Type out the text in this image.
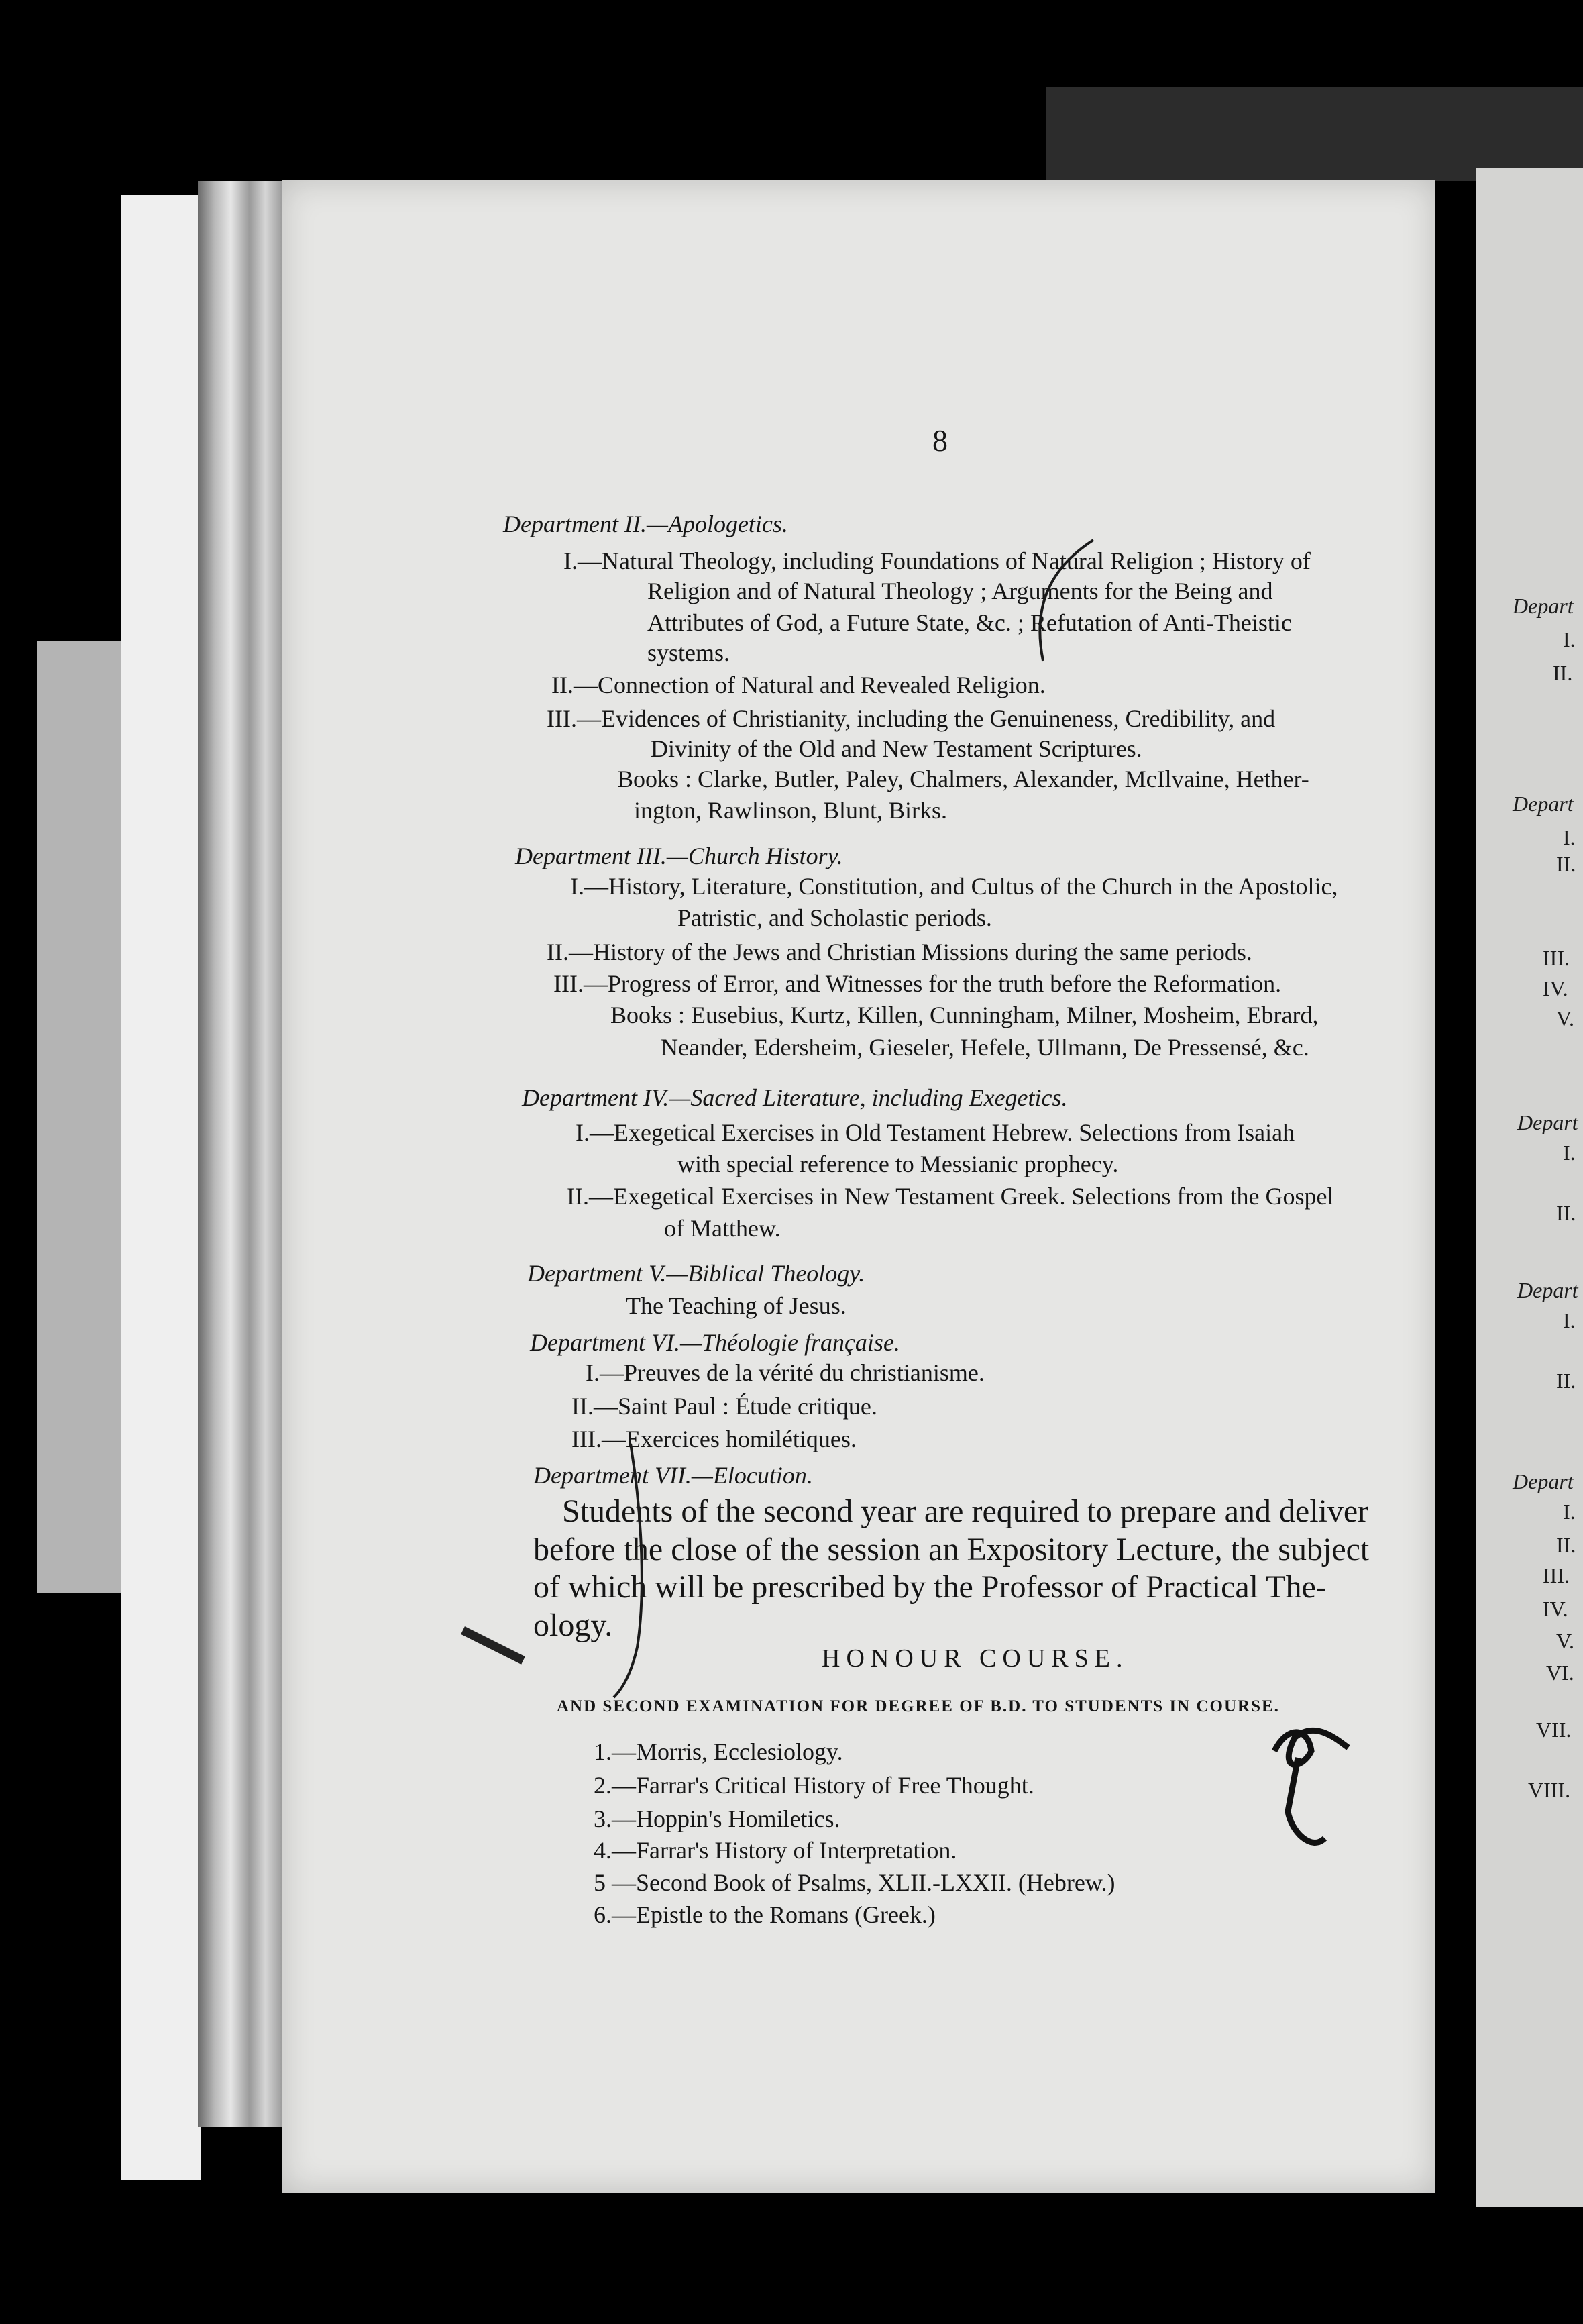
8
Department II.—Apologetics.
I.—Natural Theology, including Foundations of Natural Religion ; History of
Religion and of Natural Theology ; Arguments for the Being and
Attributes of God, a Future State, &c. ; Refutation of Anti-Theistic
systems.
II.—Connection of Natural and Revealed Religion.
III.—Evidences of Christianity, including the Genuineness, Credibility, and
Divinity of the Old and New Testament Scriptures.
Books : Clarke, Butler, Paley, Chalmers, Alexander, McIlvaine, Hether-
ington, Rawlinson, Blunt, Birks.
Department III.—Church History.
I.—History, Literature, Constitution, and Cultus of the Church in the Apostolic,
Patristic, and Scholastic periods.
II.—History of the Jews and Christian Missions during the same periods.
III.—Progress of Error, and Witnesses for the truth before the Reformation.
Books : Eusebius, Kurtz, Killen, Cunningham, Milner, Mosheim, Ebrard,
Neander, Edersheim, Gieseler, Hefele, Ullmann, De Pressensé, &c.
Department IV.—Sacred Literature, including Exegetics.
I.—Exegetical Exercises in Old Testament Hebrew. Selections from Isaiah
with special reference to Messianic prophecy.
II.—Exegetical Exercises in New Testament Greek. Selections from the Gospel
of Matthew.
Department V.—Biblical Theology.
The Teaching of Jesus.
Department VI.—Théologie française.
I.—Preuves de la vérité du christianisme.
II.—Saint Paul : Étude critique.
III.—Exercices homilétiques.
Department VII.—Elocution.
Students of the second year are required to prepare and deliver
before the close of the session an Expository Lecture, the subject
of which will be prescribed by the Professor of Practical The-
ology.
HONOUR COURSE.
AND SECOND EXAMINATION FOR DEGREE OF B.D. TO STUDENTS IN COURSE.
1.—Morris, Ecclesiology.
2.—Farrar's Critical History of Free Thought.
3.—Hoppin's Homiletics.
4.—Farrar's History of Interpretation.
5 —Second Book of Psalms, XLII.-LXXII. (Hebrew.)
6.—Epistle to the Romans (Greek.)
Depart
I.
II.
Depart
I.
II.
III.
IV.
V.
Depart
I.
II.
Depart
I.
II.
Depart
I.
II.
III.
IV.
V.
VI.
VII.
VIII.
